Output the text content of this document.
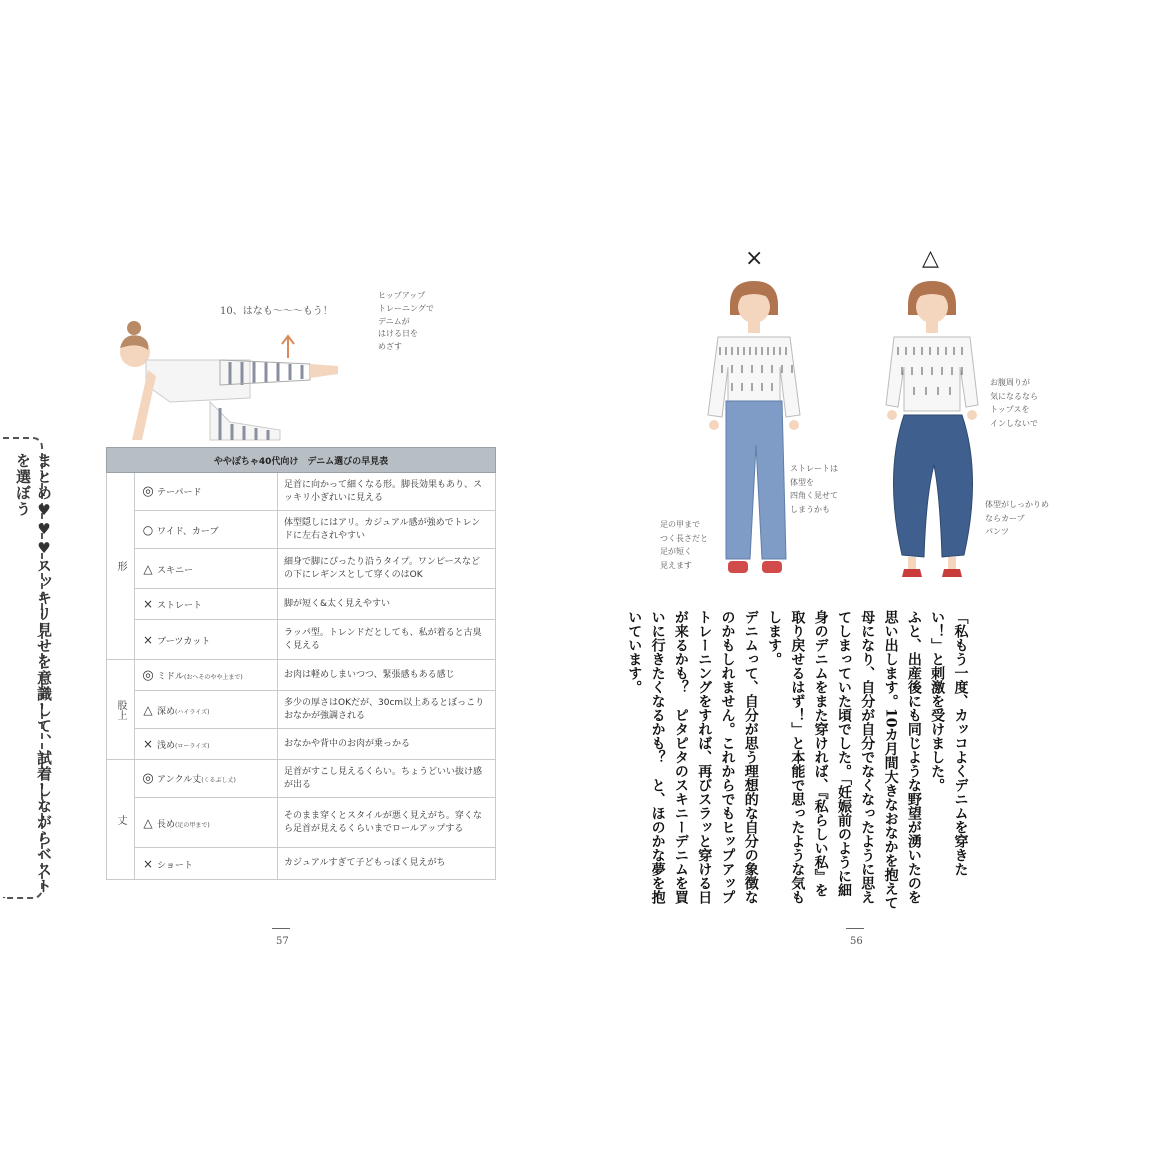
まとめ♥♥♥スッキリ見せを意識して、試着しながらベストを選ぼう
10、はなも〜〜〜もう！
ヒップアップ
トレーニングで
デニムが
はける日を
めざす
ややぽちゃ40代向け　デニム選びの早見表		
形	◎ テーパード	足首に向かって細くなる形。脚長効果もあり、スッキリ小ぎれいに見える
	○ ワイド、カーブ	体型隠しにはアリ。カジュアル感が強めでトレンドに左右されやすい
	△ スキニー	細身で脚にぴったり沿うタイプ。ワンピースなどの下にレギンスとして穿くのはOK
	× ストレート	脚が短く&太く見えやすい
	× ブーツカット	ラッパ型。トレンドだとしても、私が着ると古臭く見える
股上	◎ ミドル(おへそのやや上まで)	お肉は軽めしまいつつ、緊張感もある感じ
	△ 深め(ハイライズ)	多少の厚さはOKだが、30cm以上あるとぼっこりおなかが強調される
	× 浅め(ローライズ)	おなかや背中のお肉が乗っかる
丈	◎ アンクル丈(くるぶし丈)	足首がすこし見えるくらい。ちょうどいい抜け感が出る
	△ 長め(足の甲まで)	そのまま穿くとスタイルが悪く見えがち。穿くなら足首が見えるくらいまでロールアップする
	× ショート	カジュアルすぎて子どもっぽく見えがち
57
×	△
ストレートは
体型を
四角く見せて
しまうかも
足の甲まで
つく長さだと
足が短く
見えます
お腹周りが
気になるなら
トップスを
インしないで
体型がしっかりめ
ならカーブ
パンツ

「私もう一度、カッコよくデニムを穿きたい！」と刺激を受けました。

ふと、出産後にも同じような野望が湧いたのを思い出します。10カ月間大きなおなかを抱えて母になり、自分が自分でなくなったように思えてしまっていた頃でした。「妊娠前のように細身のデニムをまた穿ければ、『私らしい私』を取り戻せるはず！」と本能で思ったような気もします。

デニムって、自分が思う理想的な自分の象徴なのかもしれません。これからでもヒップアップトレーニングをすれば、再びスラッと穿ける日が来るかも？　ピタピタのスキニーデニムを買いに行きたくなるかも？　と、ほのかな夢を抱いています。

56
